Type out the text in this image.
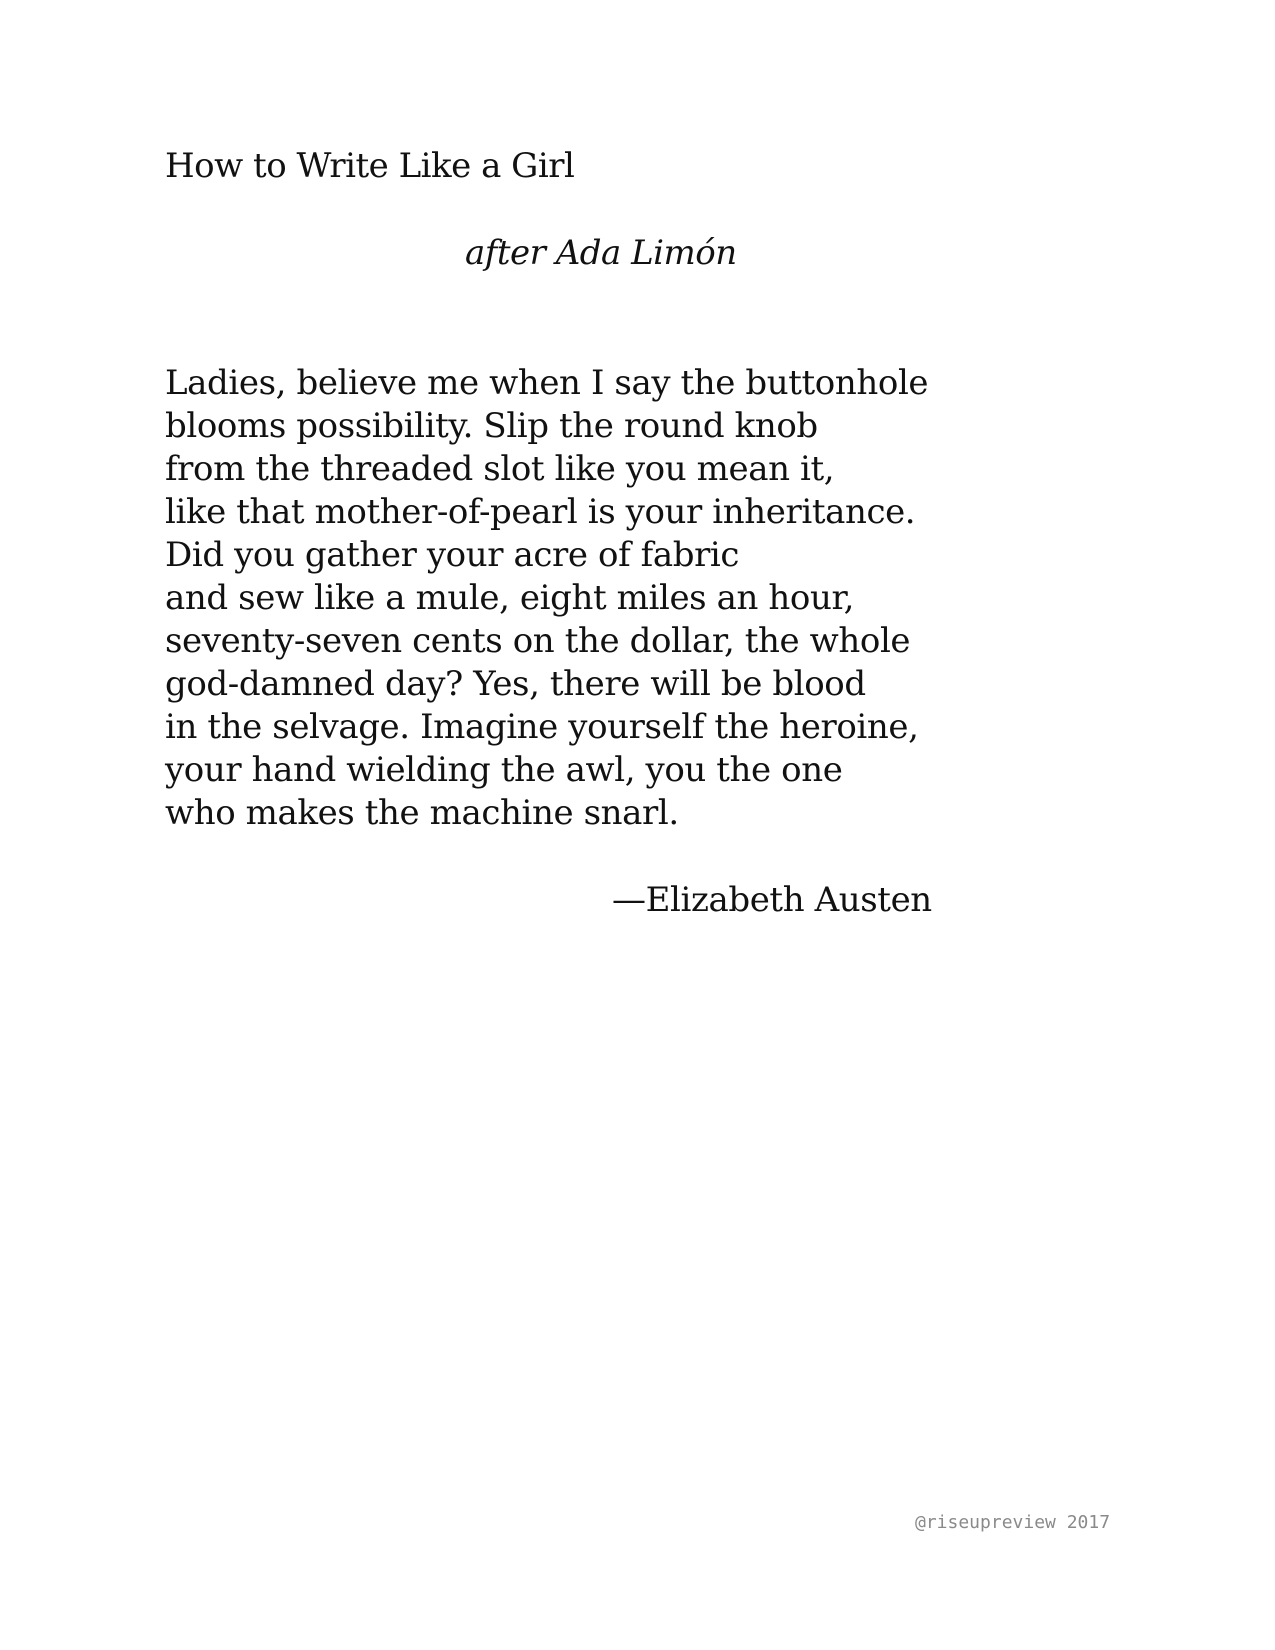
How to Write Like a Girl
after Ada Limón
Ladies, believe me when I say the buttonhole
blooms possibility. Slip the round knob
from the threaded slot like you mean it,
like that mother-of-pearl is your inheritance.
Did you gather your acre of fabric
and sew like a mule, eight miles an hour,
seventy-seven cents on the dollar, the whole
god-damned day? Yes, there will be blood
in the selvage. Imagine yourself the heroine,
your hand wielding the awl, you the one
who makes the machine snarl.
—Elizabeth Austen
@riseupreview 2017
